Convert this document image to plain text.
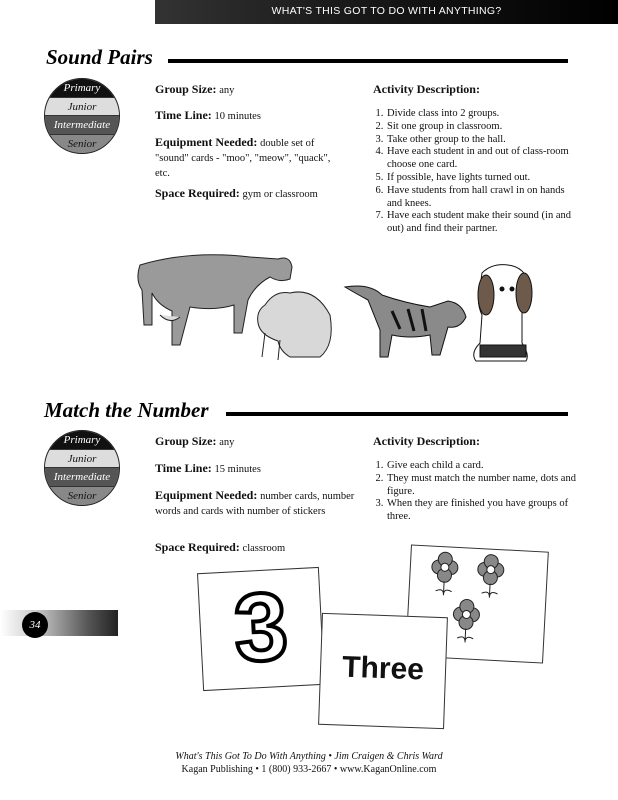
WHAT'S THIS GOT TO DO WITH ANYTHING?
Sound Pairs
Primary
Junior
Intermediate
Senior
Group Size: any
Time Line: 10 minutes
Equipment Needed: double set of "sound" cards - "moo", "meow", "quack", etc.
Space Required: gym or classroom
Activity Description:
1. Divide class into 2 groups.
2. Sit one group in classroom.
3. Take other group to the hall.
4. Have each student in and out of class-room choose one card.
5. If possible, have lights turned out.
6. Have students from hall crawl in on hands and knees.
7. Have each student make their sound (in and out) and find their partner.
Match the Number
Primary
Junior
Intermediate
Senior
Group Size: any
Time Line: 15 minutes
Equipment Needed: number cards, number words and cards with number of stickers
Space Required: classroom
Activity Description:
1. Give each child a card.
2. They must match the number name, dots and figure.
3. When they are finished you have groups of three.
3	Three
34
What's This Got To Do With Anything • Jim Craigen & Chris Ward
Kagan Publishing • 1 (800) 933-2667 • www.KaganOnline.com
